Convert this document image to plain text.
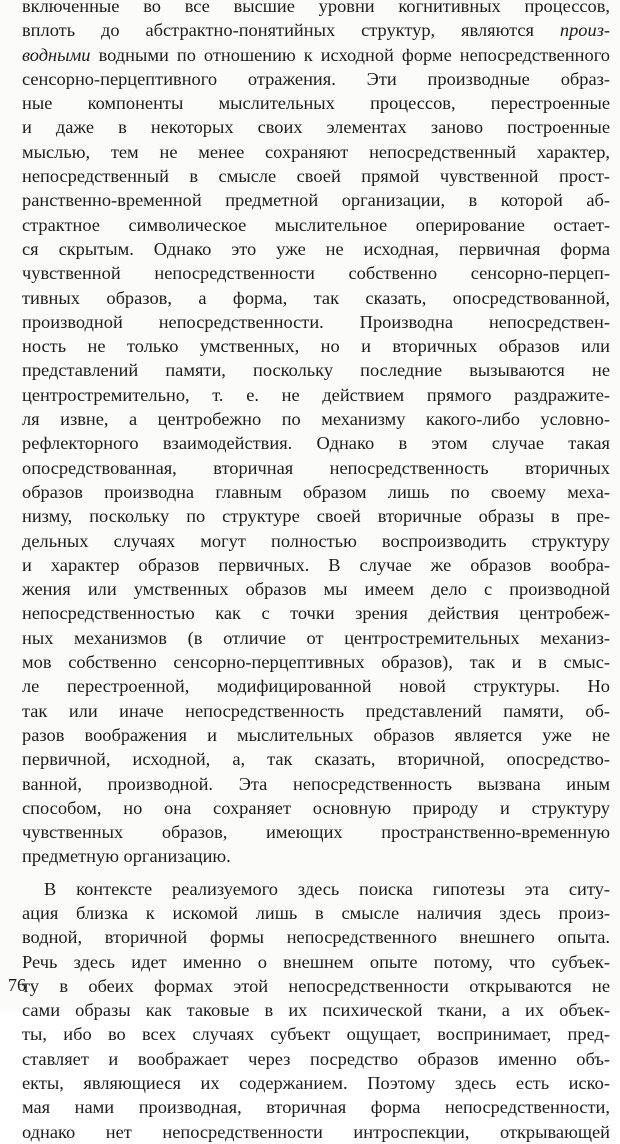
включенные во все высшие уровни когнитивных процессов,
вплоть до абстрактно-понятийных структур, являются произ-
водными водными по отношению к исходной форме непосредственного
сенсорно-перцептивного отражения. Эти производные образ-
ные компоненты мыслительных процессов, перестроенные
и даже в некоторых своих элементах заново построенные
мыслью, тем не менее сохраняют непосредственный характер,
непосредственный в смысле своей прямой чувственной прост-
ранственно-временной предметной организации, в которой аб-
страктное символическое мыслительное оперирование остает-
ся скрытым. Однако это уже не исходная, первичная форма
чувственной непосредственности собственно сенсорно-перцеп-
тивных образов, а форма, так сказать, опосредствованной,
производной непосредственности. Производна непосредствен-
ность не только умственных, но и вторичных образов или
представлений памяти, поскольку последние вызываются не
центростремительно, т. е. не действием прямого раздражите-
ля извне, а центробежно по механизму какого-либо условно-
рефлекторного взаимодействия. Однако в этом случае такая
опосредствованная, вторичная непосредственность вторичных
образов производна главным образом лишь по своему меха-
низму, поскольку по структуре своей вторичные образы в пре-
дельных случаях могут полностью воспроизводить структуру
и характер образов первичных. В случае же образов вообра-
жения или умственных образов мы имеем дело с производной
непосредственностью как с точки зрения действия центробеж-
ных механизмов (в отличие от центростремительных механиз-
мов собственно сенсорно-перцептивных образов), так и в смыс-
ле перестроенной, модифицированной новой структуры. Но
так или иначе непосредственность представлений памяти, об-
разов воображения и мыслительных образов является уже не
первичной, исходной, а, так сказать, вторичной, опосредство-
ванной, производной. Эта непосредственность вызвана иным
способом, но она сохраняет основную природу и структуру
чувственных образов, имеющих пространственно-временную
предметную организацию.
В контексте реализуемого здесь поиска гипотезы эта ситу-
ация близка к искомой лишь в смысле наличия здесь произ-
водной, вторичной формы непосредственного внешнего опыта.
Речь здесь идет именно о внешнем опыте потому, что субъек-
ту в обеих формах этой непосредственности открываются не
сами образы как таковые в их психической ткани, а их объек-
ты, ибо во всех случаях субъект ощущает, воспринимает, пред-
ставляет и воображает через посредство образов именно объ-
екты, являющиеся их содержанием. Поэтому здесь есть иско-
мая нами производная, вторичная форма непосредственности,
однако нет непосредственности интроспекции, открывающей
76
